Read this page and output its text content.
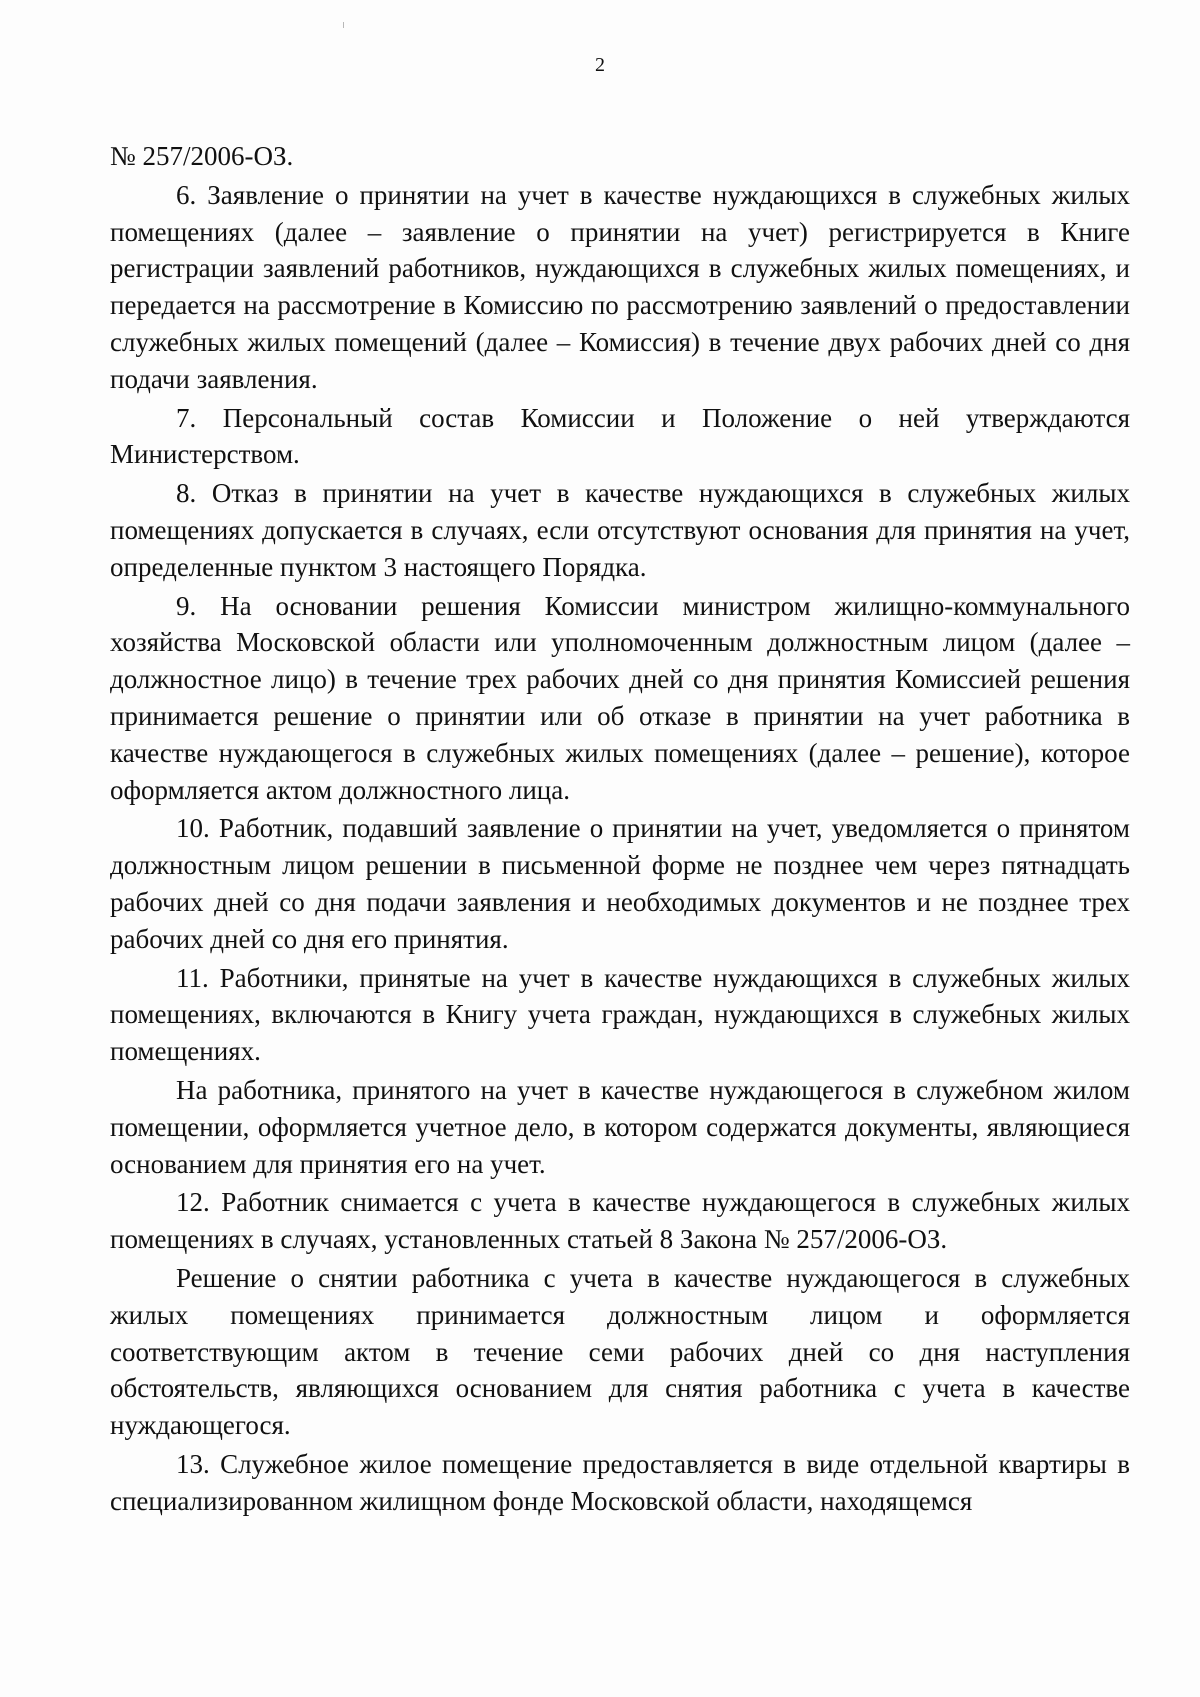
2

№ 257/2006-ОЗ.

6. Заявление о принятии на учет в качестве нуждающихся в служебных жилых помещениях (далее – заявление о принятии на учет) регистрируется в Книге регистрации заявлений работников, нуждающихся в служебных жилых помещениях, и передается на рассмотрение в Комиссию по рассмотрению заявлений о предоставлении служебных жилых помещений (далее – Комиссия) в течение двух рабочих дней со дня подачи заявления.

7. Персональный состав Комиссии и Положение о ней утверждаются Министерством.

8. Отказ в принятии на учет в качестве нуждающихся в служебных жилых помещениях допускается в случаях, если отсутствуют основания для принятия на учет, определенные пунктом 3 настоящего Порядка.

9. На основании решения Комиссии министром жилищно-коммунального хозяйства Московской области или уполномоченным должностным лицом (далее – должностное лицо) в течение трех рабочих дней со дня принятия Комиссией решения принимается решение о принятии или об отказе в принятии на учет работника в качестве нуждающегося в служебных жилых помещениях (далее – решение), которое оформляется актом должностного лица.

10. Работник, подавший заявление о принятии на учет, уведомляется о принятом должностным лицом решении в письменной форме не позднее чем через пятнадцать рабочих дней со дня подачи заявления и необходимых документов и не позднее трех рабочих дней со дня его принятия.

11. Работники, принятые на учет в качестве нуждающихся в служебных жилых помещениях, включаются в Книгу учета граждан, нуждающихся в служебных жилых помещениях.

На работника, принятого на учет в качестве нуждающегося в служебном жилом помещении, оформляется учетное дело, в котором содержатся документы, являющиеся основанием для принятия его на учет.

12. Работник снимается с учета в качестве нуждающегося в служебных жилых помещениях в случаях, установленных статьей 8 Закона № 257/2006-ОЗ.

Решение о снятии работника с учета в качестве нуждающегося в служебных жилых помещениях принимается должностным лицом и оформляется соответствующим актом в течение семи рабочих дней со дня наступления обстоятельств, являющихся основанием для снятия работника с учета в качестве нуждающегося.

13. Служебное жилое помещение предоставляется в виде отдельной квартиры в специализированном жилищном фонде Московской области, находящемся
